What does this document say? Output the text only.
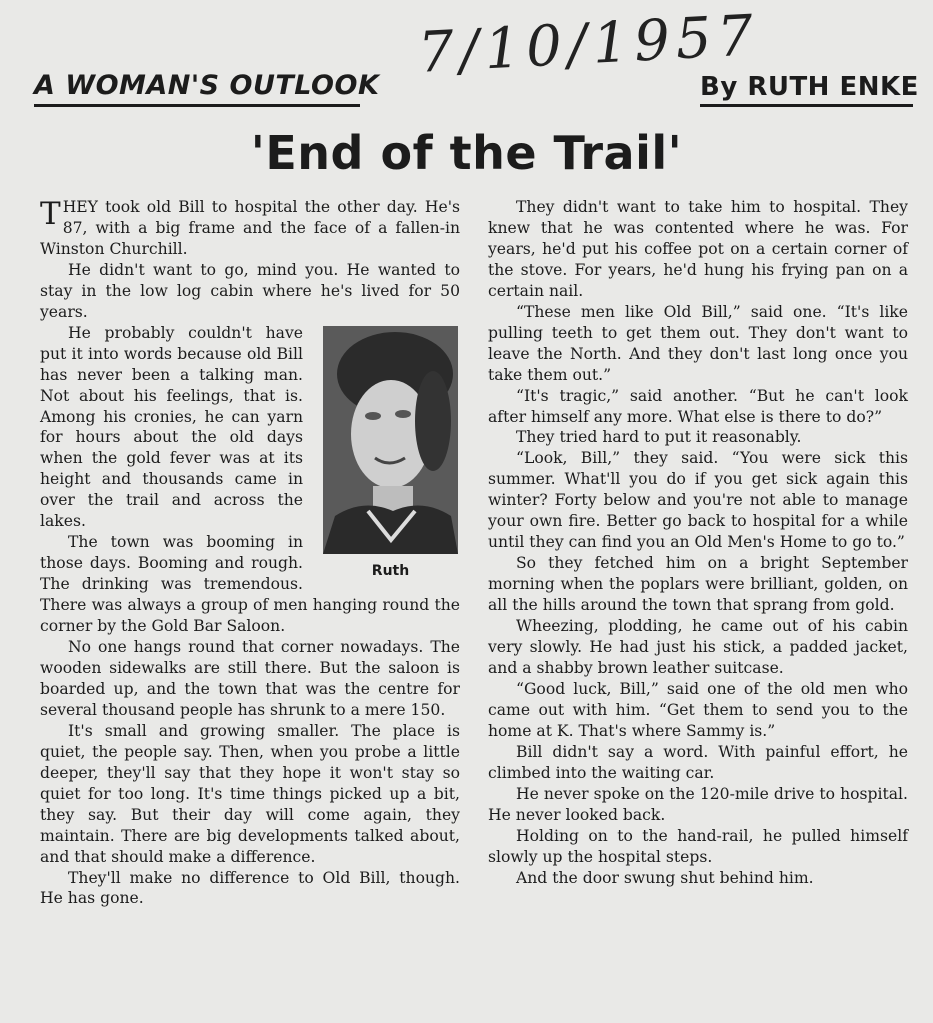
A WOMAN'S OUTLOOK 7/10/1957
By RUTH ENKE
'End of the Trail'

THEY took old Bill to hospital the other day. He's 87, with a big frame and the face of a fallen-in Winston Churchill.

He didn't want to go, mind you. He wanted to stay in the low log cabin where he's lived for 50 years.

Ruth

He probably couldn't have put it into words because old Bill has never been a talking man. Not about his feelings, that is. Among his cronies, he can yarn for hours about the old days when the gold fever was at its height and thousands came in over the trail and across the lakes.

The town was booming in those days. Booming and rough. The drinking was tremendous. There was always a group of men hanging round the corner by the Gold Bar Saloon.

No one hangs round that corner nowadays. The wooden sidewalks are still there. But the saloon is boarded up, and the town that was the centre for several thousand people has shrunk to a mere 150.

It's small and growing smaller. The place is quiet, the people say. Then, when you probe a little deeper, they'll say that they hope it won't stay so quiet for too long. It's time things picked up a bit, they say. But their day will come again, they maintain. There are big developments talked about, and that should make a difference.

They'll make no difference to Old Bill, though. He has gone.

They didn't want to take him to hospital. They knew that he was contented where he was. For years, he'd put his coffee pot on a certain corner of the stove. For years, he'd hung his frying pan on a certain nail.

“These men like Old Bill,” said one. “It's like pulling teeth to get them out. They don't want to leave the North. And they don't last long once you take them out.”

“It's tragic,” said another. “But he can't look after himself any more. What else is there to do?”

They tried hard to put it reasonably.

“Look, Bill,” they said. “You were sick this summer. What'll you do if you get sick again this winter? Forty below and you're not able to manage your own fire. Better go back to hospital for a while until they can find you an Old Men's Home to go to.”

So they fetched him on a bright September morning when the poplars were brilliant, golden, on all the hills around the town that sprang from gold.

Wheezing, plodding, he came out of his cabin very slowly. He had just his stick, a padded jacket, and a shabby brown leather suitcase.

“Good luck, Bill,” said one of the old men who came out with him. “Get them to send you to the home at K. That's where Sammy is.”

Bill didn't say a word. With painful effort, he climbed into the waiting car.

He never spoke on the 120-mile drive to hospital. He never looked back.

Holding on to the hand-rail, he pulled himself slowly up the hospital steps.

And the door swung shut behind him.
